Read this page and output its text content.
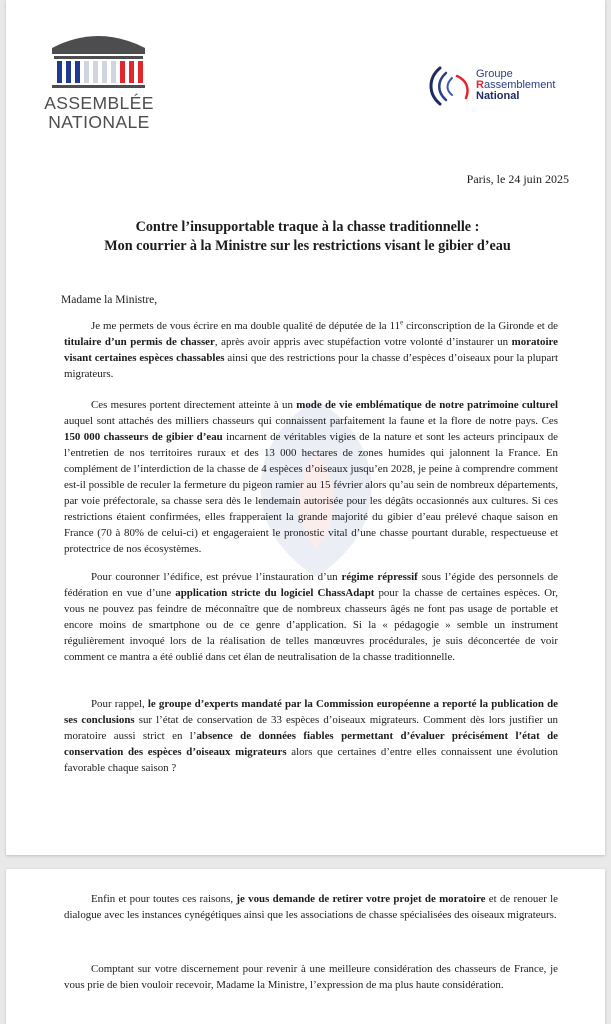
ASSEMBLÉE
NATIONALE
Groupe
Rassemblement
National
Paris, le 24 juin 2025
Contre l’insupportable traque à la chasse traditionnelle :
Mon courrier à la Ministre sur les restrictions visant le gibier d’eau
Madame la Ministre,

Je me permets de vous écrire en ma double qualité de députée de la 11e circonscription de la Gironde et de titulaire d’un permis de chasser, après avoir appris avec stupéfaction votre volonté d’instaurer un moratoire visant certaines espèces chassables ainsi que des restrictions pour la chasse d’espèces d’oiseaux pour la plupart migrateurs.

Ces mesures portent directement atteinte à un mode de vie emblématique de notre patrimoine culturel auquel sont attachés des milliers chasseurs qui connaissent parfaitement la faune et la flore de notre pays. Ces 150 000 chasseurs de gibier d’eau incarnent de véritables vigies de la nature et sont les acteurs principaux de l’entretien de nos territoires ruraux et des 13 000 hectares de zones humides qui jalonnent la France. En complément de l’interdiction de la chasse de 4 espèces d’oiseaux jusqu’en 2028, je peine à comprendre comment est-il possible de reculer la fermeture du pigeon ramier au 15 février alors qu’au sein de nombreux départements, par voie préfectorale, sa chasse sera dès le lendemain autorisée pour les dégâts occasionnés aux cultures. Si ces restrictions étaient confirmées, elles frapperaient la grande majorité du gibier d’eau prélevé chaque saison en France (70 à 80% de celui-ci) et engageraient le pronostic vital d’une chasse pourtant durable, respectueuse et protectrice de nos écosystèmes.

Pour couronner l’édifice, est prévue l’instauration d’un régime répressif sous l’égide des personnels de fédération en vue d’une application stricte du logiciel ChassAdapt pour la chasse de certaines espèces. Or, vous ne pouvez pas feindre de méconnaître que de nombreux chasseurs âgés ne font pas usage de portable et encore moins de smartphone ou de ce genre d’application. Si la « pédagogie » semble un instrument régulièrement invoqué lors de la réalisation de telles manœuvres procédurales, je suis déconcertée de voir comment ce mantra a été oublié dans cet élan de neutralisation de la chasse traditionnelle.

Pour rappel, le groupe d’experts mandaté par la Commission européenne a reporté la publication de ses conclusions sur l’état de conservation de 33 espèces d’oiseaux migrateurs. Comment dès lors justifier un moratoire aussi strict en l’absence de données fiables permettant d’évaluer précisément l’état de conservation des espèces d’oiseaux migrateurs alors que certaines d’entre elles connaissent une évolution favorable chaque saison ?

Enfin et pour toutes ces raisons, je vous demande de retirer votre projet de moratoire et de renouer le dialogue avec les instances cynégétiques ainsi que les associations de chasse spécialisées des oiseaux migrateurs.

Comptant sur votre discernement pour revenir à une meilleure considération des chasseurs de France, je vous prie de bien vouloir recevoir, Madame la Ministre, l’expression de ma plus haute considération.
